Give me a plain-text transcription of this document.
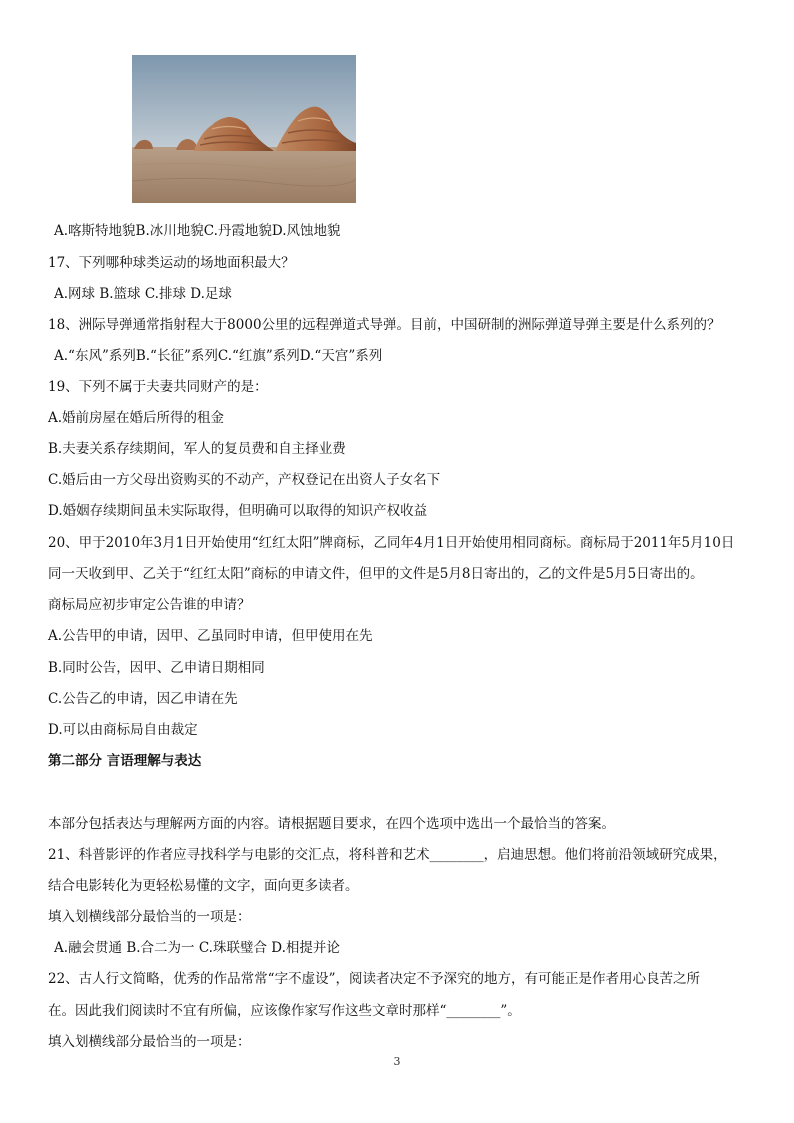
A.喀斯特地貌B.冰川地貌C.丹霞地貌D.风蚀地貌
17、下列哪种球类运动的场地面积最大？
A.网球 B.篮球 C.排球 D.足球
18、洲际导弹通常指射程大于8000公里的远程弹道式导弹。目前，中国研制的洲际弹道导弹主要是什么系列的？
A.“东风”系列B.“长征”系列C.“红旗”系列D.“天宫”系列
19、下列不属于夫妻共同财产的是：
A.婚前房屋在婚后所得的租金
B.夫妻关系存续期间，军人的复员费和自主择业费
C.婚后由一方父母出资购买的不动产，产权登记在出资人子女名下
D.婚姻存续期间虽未实际取得，但明确可以取得的知识产权收益
20、甲于2010年3月1日开始使用“红红太阳”牌商标，乙同年4月1日开始使用相同商标。商标局于2011年5月10日
同一天收到甲、乙关于“红红太阳”商标的申请文件，但甲的文件是5月8日寄出的，乙的文件是5月5日寄出的。
商标局应初步审定公告谁的申请？
A.公告甲的申请，因甲、乙虽同时申请，但甲使用在先
B.同时公告，因甲、乙申请日期相同
C.公告乙的申请，因乙申请在先
D.可以由商标局自由裁定
第二部分 言语理解与表达
本部分包括表达与理解两方面的内容。请根据题目要求，在四个选项中选出一个最恰当的答案。
21、科普影评的作者应寻找科学与电影的交汇点，将科普和艺术________，启迪思想。他们将前沿领域研究成果，
结合电影转化为更轻松易懂的文字，面向更多读者。
填入划横线部分最恰当的一项是：
A.融会贯通 B.合二为一 C.珠联璧合 D.相提并论
22、古人行文简略，优秀的作品常常“字不虚设”，阅读者决定不予深究的地方，有可能正是作者用心良苦之所
在。因此我们阅读时不宜有所偏，应该像作家写作这些文章时那样“________”。
填入划横线部分最恰当的一项是：
3
